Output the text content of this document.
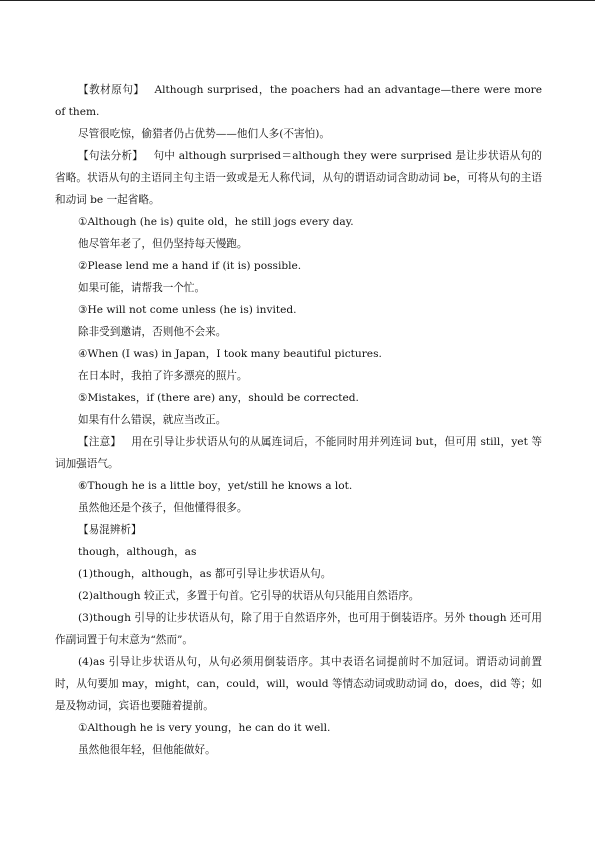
【教材原句】 Although surprised，the poachers had an advantage—there were more of them.

尽管很吃惊，偷猎者仍占优势——他们人多(不害怕)。

【句法分析】 句中 although surprised＝although they were surprised 是让步状语从句的省略。状语从句的主语同主句主语一致或是无人称代词，从句的谓语动词含助动词 be，可将从句的主语和动词 be 一起省略。

①Although (he is) quite old，he still jogs every day.

他尽管年老了，但仍坚持每天慢跑。

②Please lend me a hand if (it is) possible.

如果可能，请帮我一个忙。

③He will not come unless (he is) invited.

除非受到邀请，否则他不会来。

④When (I was) in Japan，I took many beautiful pictures.

在日本时，我拍了许多漂亮的照片。

⑤Mistakes，if (there are) any，should be corrected.

如果有什么错误，就应当改正。

【注意】 用在引导让步状语从句的从属连词后，不能同时用并列连词 but，但可用 still，yet 等词加强语气。

⑥Though he is a little boy，yet/still he knows a lot.

虽然他还是个孩子，但他懂得很多。

【易混辨析】

though，although，as

(1)though，although，as 都可引导让步状语从句。

(2)although 较正式，多置于句首。它引导的状语从句只能用自然语序。

(3)though 引导的让步状语从句，除了用于自然语序外，也可用于倒装语序。另外 though 还可用作副词置于句末意为“然而”。

(4)as 引导让步状语从句，从句必须用倒装语序。其中表语名词提前时不加冠词。谓语动词前置时，从句要加 may，might，can，could，will，would 等情态动词或助动词 do，does，did 等；如是及物动词，宾语也要随着提前。

①Although he is very young，he can do it well.

虽然他很年轻，但他能做好。
